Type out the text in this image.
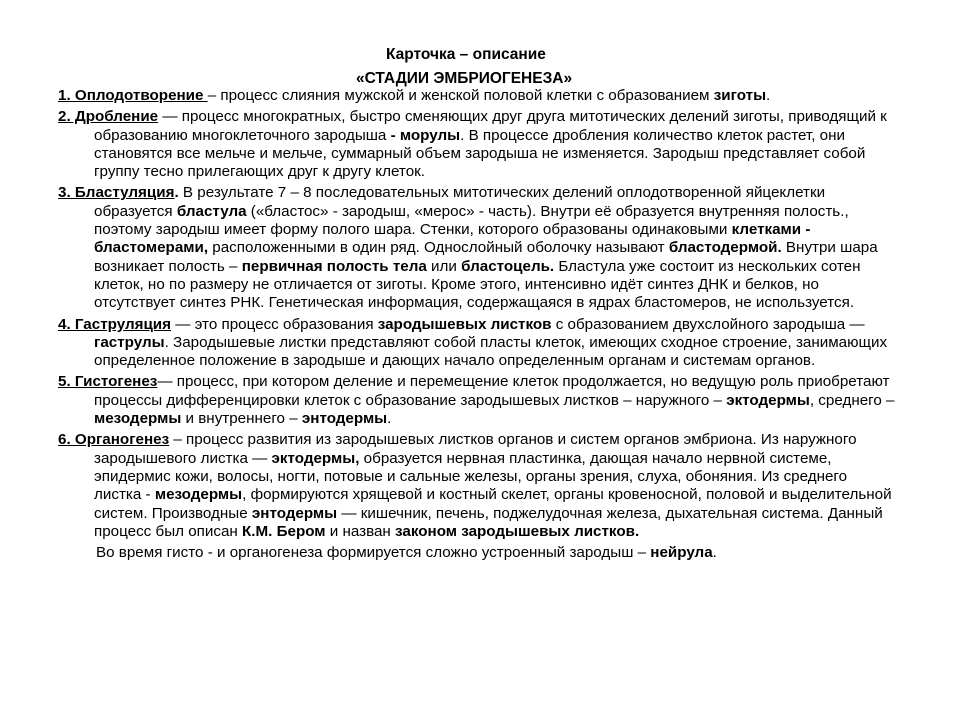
Карточка – описание
«СТАДИИ ЭМБРИОГЕНЕЗА»
1. Оплодотворение – процесс слияния мужской и женской половой клетки с образованием зиготы.
2. Дробление — процесс многократных, быстро сменяющих друг друга митотических делений зиготы, приводящий к образованию многоклеточного зародыша - морулы. В процессе дробления количество клеток растет, они становятся все мельче и мельче, суммарный объем зародыша не изменяется. Зародыш представляет собой группу тесно прилегающих друг к другу клеток.
3. Бластуляция. В результате 7 – 8 последовательных митотических делений оплодотворенной яйцеклетки образуется бластула («бластос» - зародыш, «мерос» - часть). Внутри её образуется внутренняя полость., поэтому зародыш имеет форму полого шара. Стенки, которого образованы одинаковыми клетками - бластомерами, расположенными в один ряд. Однослойный оболочку называют бластодермой. Внутри шара возникает полость – первичная полость тела или бластоцель. Бластула уже состоит из нескольких сотен клеток, но по размеру не отличается от зиготы. Кроме этого, интенсивно идёт синтез ДНК и белков, но отсутствует синтез РНК. Генетическая информация, содержащаяся в ядрах бластомеров, не используется.
4. Гаструляция — это процесс образования зародышевых листков с образованием двухслойного зародыша — гаструлы. Зародышевые листки представляют собой пласты клеток, имеющих сходное строение, занимающих определенное положение в зародыше и дающих начало определенным органам и системам органов.
5. Гистогенез— процесс, при котором деление и перемещение клеток продолжается, но ведущую роль приобретают процессы дифференцировки клеток с образование зародышевых листков – наружного – эктодермы, среднего – мезодермы и внутреннего – энтодермы.
6. Органогенез – процесс развития из зародышевых листков органов и систем органов эмбриона. Из наружного зародышевого листка — эктодермы, образуется нервная пластинка, дающая начало нервной системе, эпидермис кожи, волосы, ногти, потовые и сальные железы, органы зрения, слуха, обоняния. Из среднего листка - мезодермы, формируются хрящевой и костный скелет, органы кровеносной, половой и выделительной систем. Производные энтодермы — кишечник, печень, поджелудочная железа, дыхательная система. Данный процесс был описан К.М. Бером и назван законом зародышевых листков.
Во время гисто - и органогенеза формируется сложно устроенный зародыш – нейрула.
